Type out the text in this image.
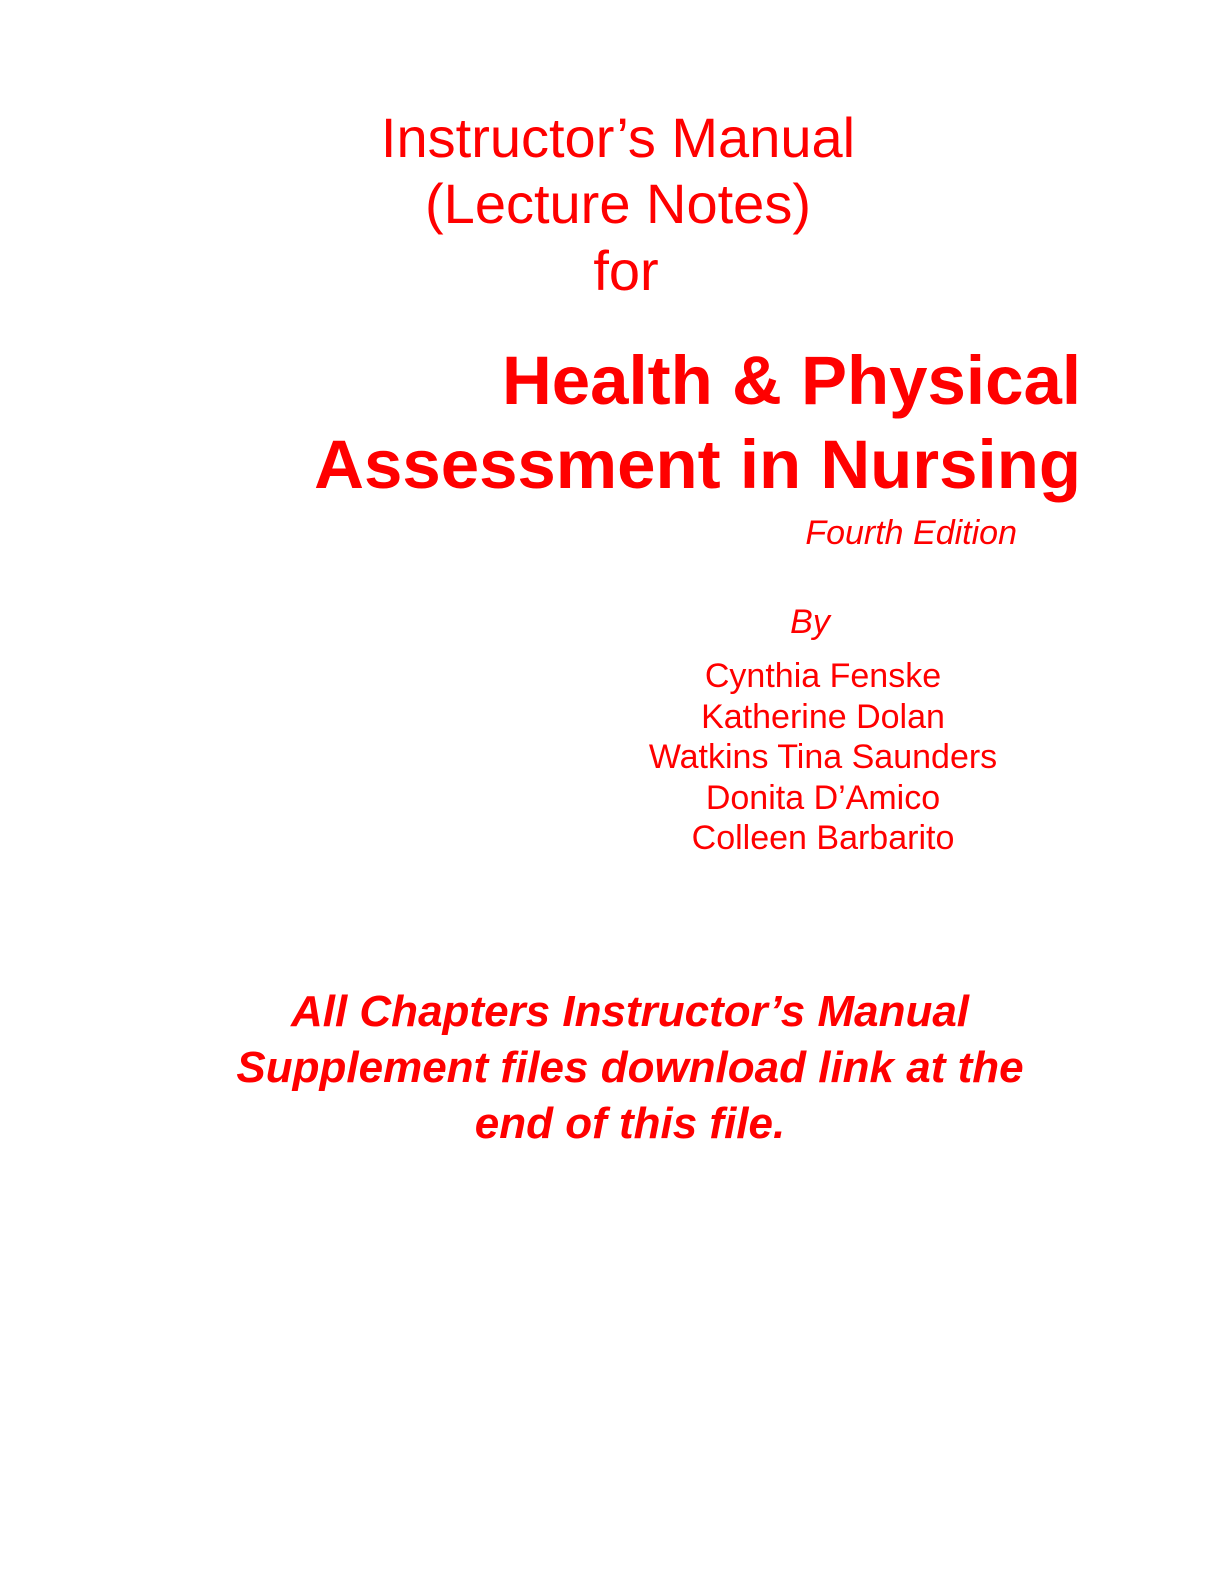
Instructor’s Manual
(Lecture Notes)
for
Health & Physical
Assessment in Nursing
Fourth Edition
By
Cynthia Fenske
Katherine Dolan
Watkins Tina Saunders
Donita D’Amico
Colleen Barbarito
All Chapters Instructor’s Manual
Supplement files download link at the
end of this file.
